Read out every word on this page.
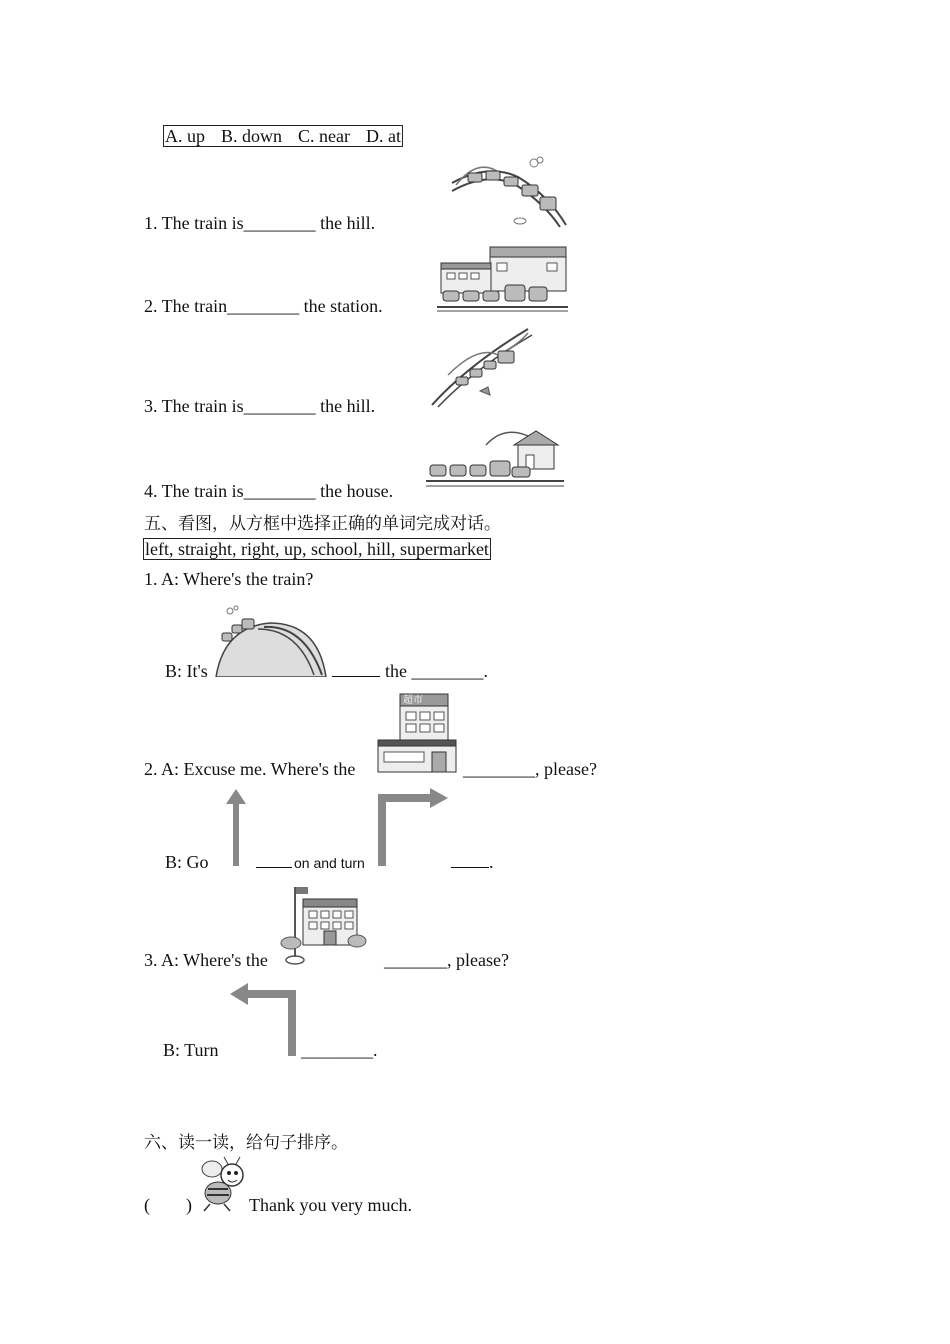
A. up B. down C. near D. at
1. The train is________ the hill.
2. The train________ the station.
3. The train is________ the hill.
4. The train is________ the house.
五、看图，从方框中选择正确的单词完成对话。
left, straight, right, up, school, hill, supermarket
1. A: Where's the train?
B: It's	the ________.
2. A: Excuse me. Where's the
超市
________, please?
B: Go	on and turn	.
3. A: Where's the	_______, please?
B: Turn	________.
六、读一读，给句子排序。
(        )	Thank you very much.
